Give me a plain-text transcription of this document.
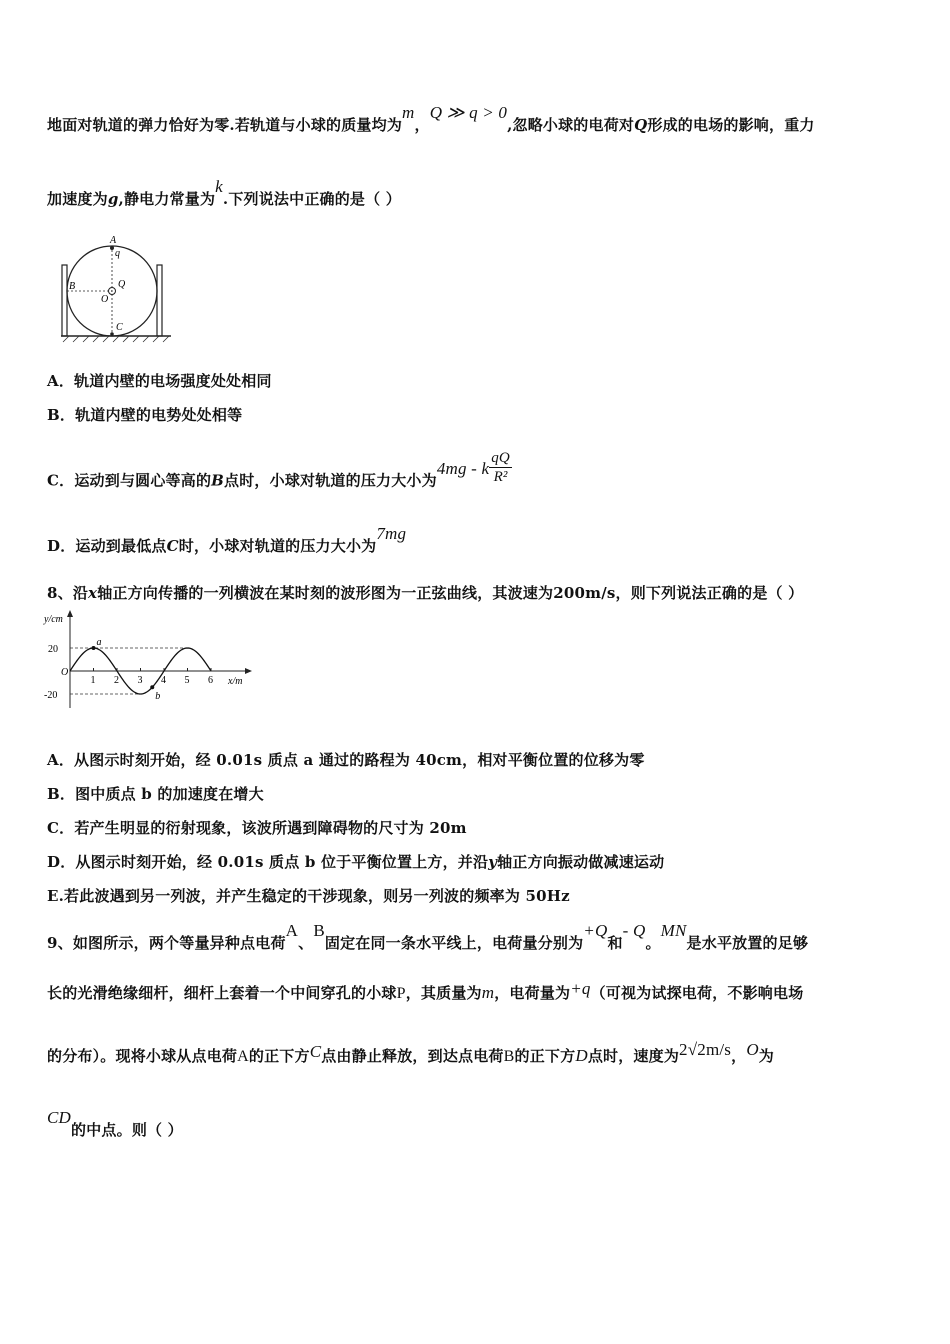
地面对轨道的弹力恰好为零.若轨道与小球的质量均为m，Q ≫ q > 0,忽略小球的电荷对Q形成的电场的影响，重力
加速度为g,静电力常量为k.下列说法中正确的是（ ）
A
q
B	Q
O
C
A．轨道内壁的电场强度处处相同
B．轨道内壁的电势处处相等
C．运动到与圆心等高的B点时，小球对轨道的压力大小为4mg - k $\frac{qQ}{\text{R²}}$
D．运动到最低点C时，小球对轨道的压力大小为7mg
8、沿x轴正方向传播的一列横波在某时刻的波形图为一正弦曲线，其波速为200m/s，则下列说法正确的是（ ）
y/cm
x/m
1 2 3 4 5 6
20
O
-20
a
b
A．从图示时刻开始，经 0.01s 质点 a 通过的路程为 40cm，相对平衡位置的位移为零
B．图中质点 b 的加速度在增大
C．若产生明显的衍射现象，该波所遇到障碍物的尺寸为 20m
D．从图示时刻开始，经 0.01s 质点 b 位于平衡位置上方，并沿y轴正方向振动做减速运动
E.若此波遇到另一列波，并产生稳定的干涉现象，则另一列波的频率为 50Hz
9、如图所示，两个等量异种点电荷A、B固定在同一条水平线上，电荷量分别为+Q和- Q。MN是水平放置的足够
长的光滑绝缘细杆，细杆上套着一个中间穿孔的小球P，其质量为m，电荷量为+q（可视为试探电荷，不影响电场
的分布）。现将小球从点电荷A的正下方C点由静止释放，到达点电荷B的正下方D点时，速度为2√2m/s，O为
CD的中点。则（ ）
